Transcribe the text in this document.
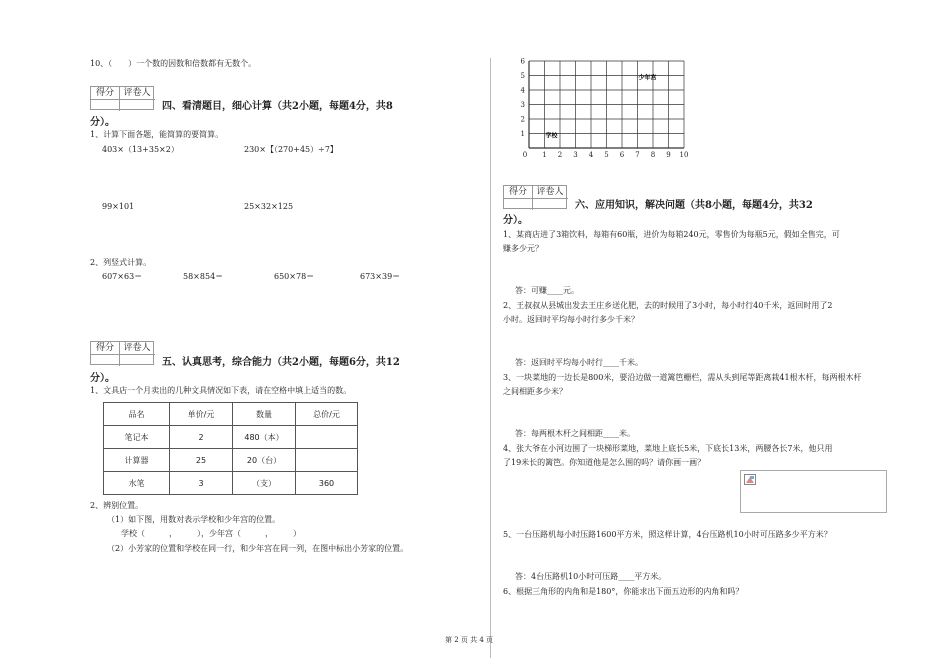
10、（　　）一个数的因数和倍数都有无数个。
得分	评卷人
四、看清题目，细心计算（共2小题，每题4分，共8
分）。
1、计算下面各题，能简算的要简算。
403×（13+35×2）	230×【（270+45）÷7】
99×101	25×32×125
2、列竖式计算。
607×63＝	58×854＝	650×78＝	673×39＝
得分	评卷人
五、认真思考，综合能力（共2小题，每题6分，共12
分）。
1、文具店一个月卖出的几种文具情况如下表，请在空格中填上适当的数。
品名	单价/元	数量	总价/元
笔记本	2	480（本）	
计算器	25	20（台）	
水笔	3	（支）	360
2、辨别位置。
（1）如下图，用数对表示学校和少年宫的位置。
学校（　　　，　　　），少年宫（　　　，　　　）
（2）小芳家的位置和学校在同一行，和少年宫在同一列，在图中标出小芳家的位置。
0 1 2 3 4 5 6 7 8 9 10
1
2
3
4
5
6
学校
少年宫
得分	评卷人
六、应用知识，解决问题（共8小题，每题4分，共32
分）。
1、某商店进了3箱饮料，每箱有60瓶，进价为每箱240元，零售价为每瓶5元，假如全售完，可
赚多少元？
答：可赚____元。
2、王叔叔从县城出发去王庄乡送化肥，去的时候用了3小时，每小时行40千米，返回时用了2
小时。返回时平均每小时行多少千米？
答：返回时平均每小时行____千米。
3、一块菜地的一边长是800米，要沿边做一道篱笆栅栏，需从头到尾等距离栽41根木杆，每两根木杆
之间相距多少米？
答：每两根木杆之间相距____米。
4、张大爷在小河边围了一块梯形菜地，菜地上底长5米，下底长13米，两腰各长7米，他只用
了19米长的篱笆。你知道他是怎么围的吗？请你画一画？
5、一台压路机每小时压路1600平方米，照这样计算，4台压路机10小时可压路多少平方米？
答：4台压路机10小时可压路____平方米。
6、根据三角形的内角和是180°，你能求出下面五边形的内角和吗？
第 2 页 共 4 页
